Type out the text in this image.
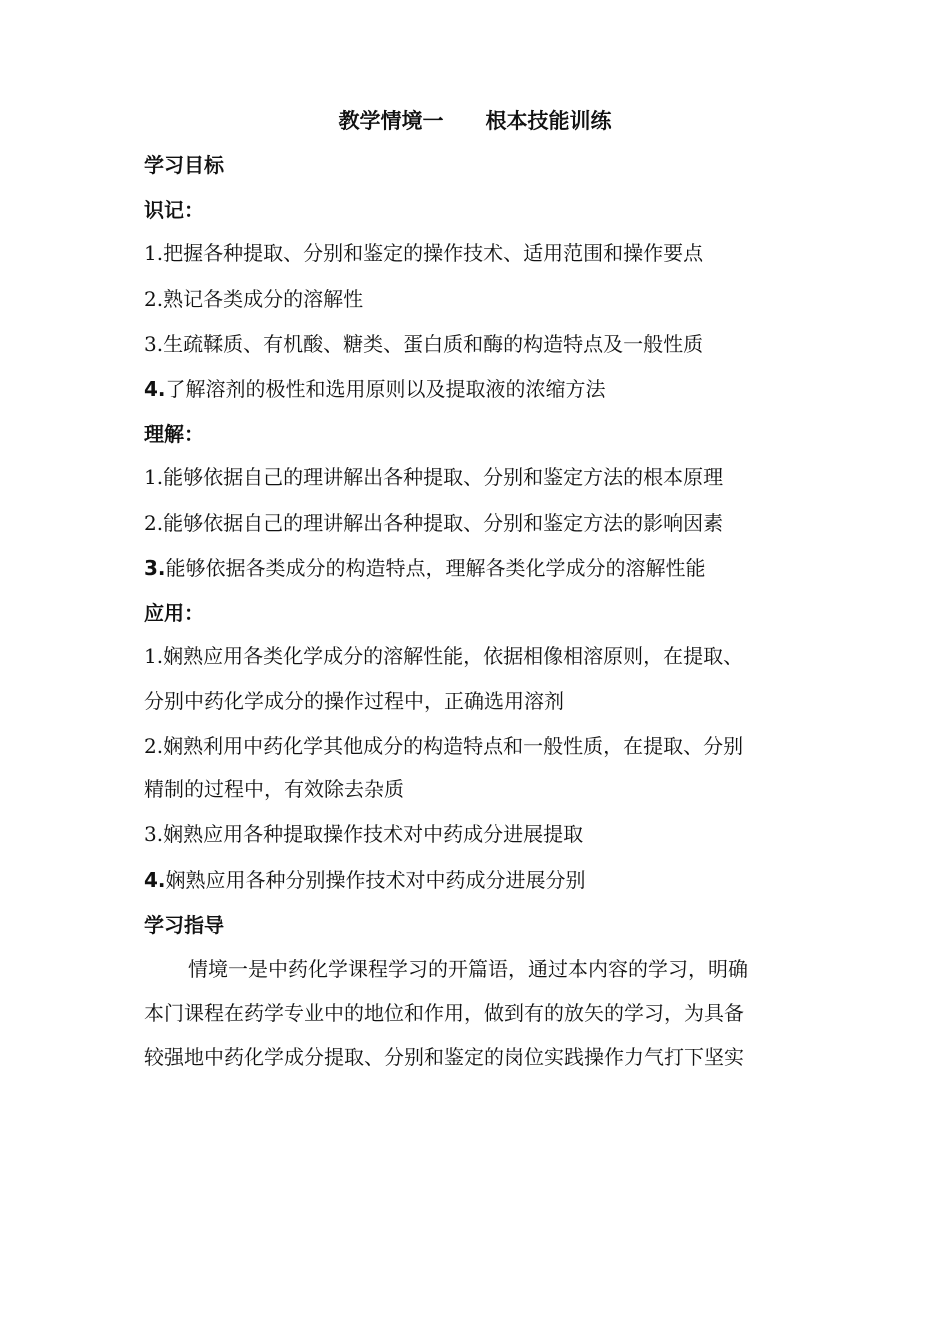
教学情境一 根本技能训练
学习目标
识记：
1.把握各种提取、分别和鉴定的操作技术、适用范围和操作要点
2.熟记各类成分的溶解性
3.生疏鞣质、有机酸、糖类、蛋白质和酶的构造特点及一般性质
4.了解溶剂的极性和选用原则以及提取液的浓缩方法
理解：
1.能够依据自己的理讲解出各种提取、分别和鉴定方法的根本原理
2.能够依据自己的理讲解出各种提取、分别和鉴定方法的影响因素
3.能够依据各类成分的构造特点，理解各类化学成分的溶解性能
应用：
1.娴熟应用各类化学成分的溶解性能，依据相像相溶原则，在提取、
分别中药化学成分的操作过程中，正确选用溶剂
2.娴熟利用中药化学其他成分的构造特点和一般性质，在提取、分别
精制的过程中，有效除去杂质
3.娴熟应用各种提取操作技术对中药成分进展提取
4.娴熟应用各种分别操作技术对中药成分进展分别
学习指导
情境一是中药化学课程学习的开篇语，通过本内容的学习，明确
本门课程在药学专业中的地位和作用，做到有的放矢的学习，为具备
较强地中药化学成分提取、分别和鉴定的岗位实践操作力气打下坚实
